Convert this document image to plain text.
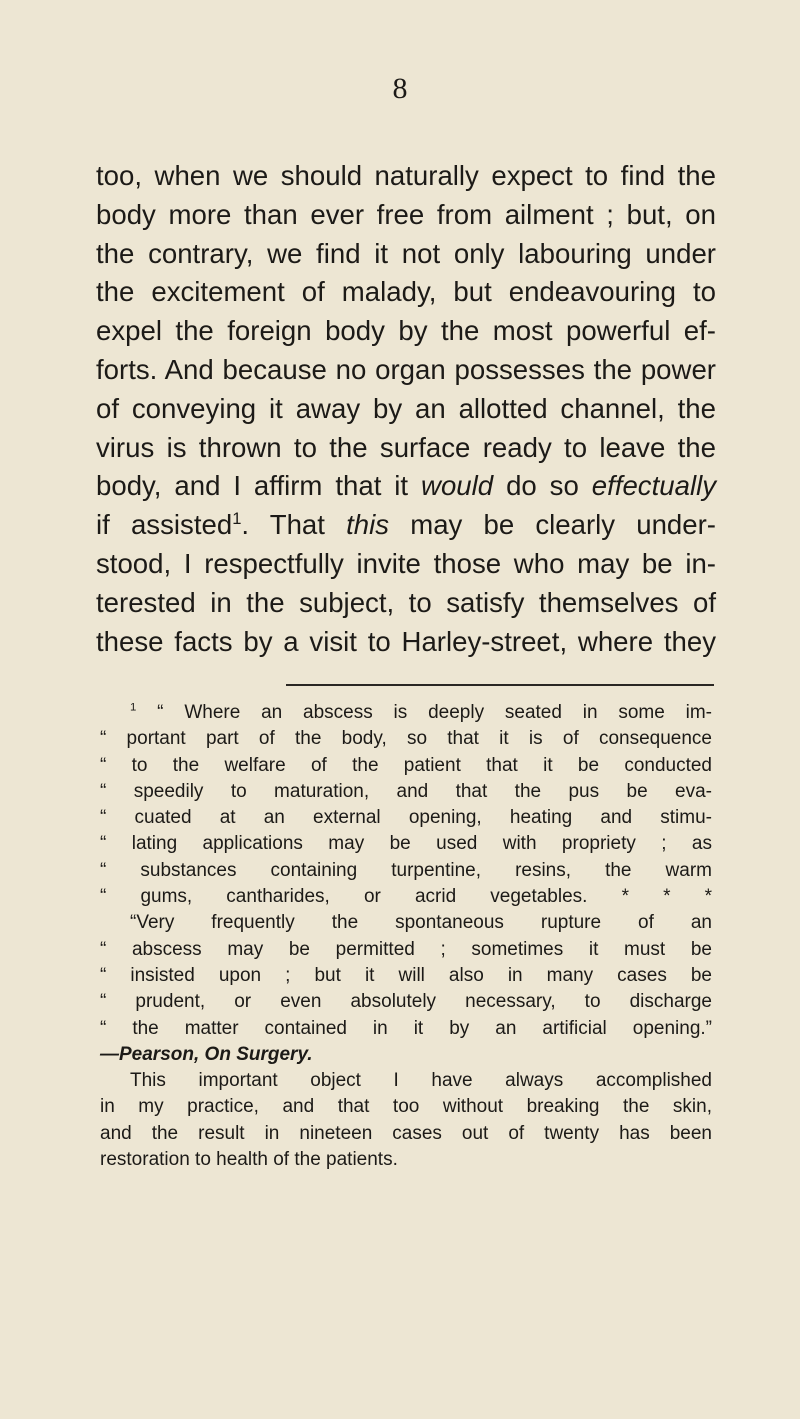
8
too, when we should naturally expect to find the
body more than ever free from ailment ; but, on
the contrary, we find it not only labouring under
the excitement of malady, but endeavouring to
expel the foreign body by the most powerful ef-
forts. And because no organ possesses the power
of conveying it away by an allotted channel, the
virus is thrown to the surface ready to leave the
body, and I affirm that it would do so effectually
if assisted$^1$. That this may be clearly under-
stood, I respectfully invite those who may be in-
terested in the subject, to satisfy themselves of
these facts by a visit to Harley-street, where they
$^1$ “ Where an abscess is deeply seated in some im-
“ portant part of the body, so that it is of consequence
“ to the welfare of the patient that it be conducted
“ speedily to maturation, and that the pus be eva-
“ cuated at an external opening, heating and stimu-
“ lating applications may be used with propriety ; as
“ substances containing turpentine, resins, the warm
“ gums, cantharides, or acrid vegetables. * * *
“Very frequently the spontaneous rupture of an
“ abscess may be permitted ; sometimes it must be
“ insisted upon ; but it will also in many cases be
“ prudent, or even absolutely necessary, to discharge
“ the matter contained in it by an artificial opening.”
—Pearson, On Surgery.
This important object I have always accomplished
in my practice, and that too without breaking the skin,
and the result in nineteen cases out of twenty has been
restoration to health of the patients.
